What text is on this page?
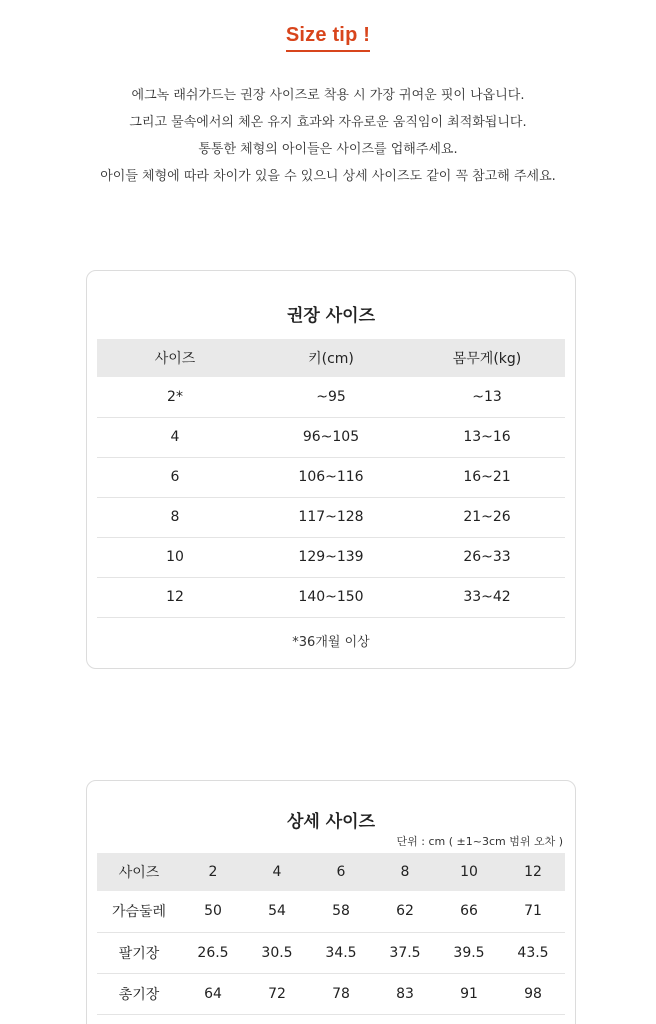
Size tip !

에그녹 래쉬가드는 권장 사이즈로 착용 시 가장 귀여운 핏이 나옵니다.

그리고 물속에서의 체온 유지 효과와 자유로운 움직임이 최적화됩니다.

통통한 체형의 아이들은 사이즈를 업해주세요.

아이들 체형에 따라 차이가 있을 수 있으니 상세 사이즈도 같이 꼭 참고해 주세요.

권장 사이즈
사이즈	키(cm)	몸무게(kg)
2*	~95	~13
4	96~105	13~16
6	106~116	16~21
8	117~128	21~26
10	129~139	26~33
12	140~150	33~42
*36개월 이상
상세 사이즈
단위 : cm ( ±1~3cm 범위 오차 )
사이즈	2	4	6	8	10	12
가슴둘레	50	54	58	62	66	71
팔기장	26.5	30.5	34.5	37.5	39.5	43.5
총기장	64	72	78	83	91	98
